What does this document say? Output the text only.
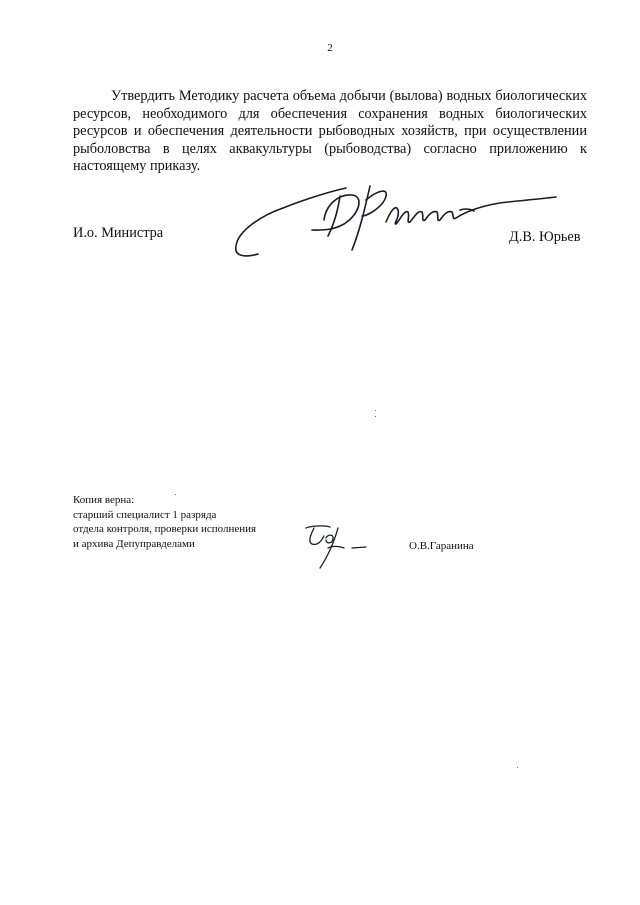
2

Утвердить Методику расчета объема добычи (вылова) водных биологических ресурсов, необходимого для обеспечения сохранения водных биологических ресурсов и обеспечения деятельности рыбоводных хозяйств, при осуществлении рыболовства в целях аквакультуры (рыбоводства) согласно приложению к настоящему приказу.

И.о. Министра	Д.В. Юрьев
Копия верна:
старший специалист 1 разряда
отдела контроля, проверки исполнения
и архива Депуправделами	О.В.Гаранина
